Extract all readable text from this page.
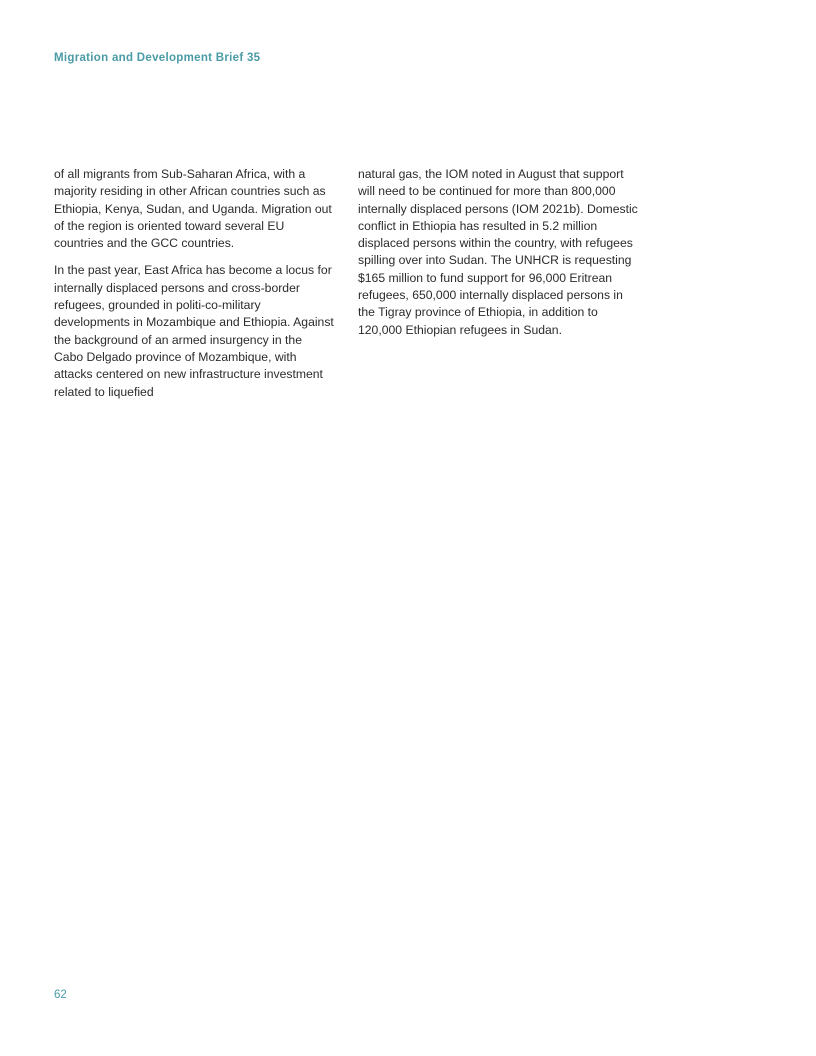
Migration and Development Brief 35

of all migrants from Sub-Saharan Africa, with a majority residing in other African countries such as Ethiopia, Kenya, Sudan, and Uganda. Migration out of the region is oriented toward several EU countries and the GCC countries.

In the past year, East Africa has become a locus for internally displaced persons and cross-border refugees, grounded in politi-co-military developments in Mozambique and Ethiopia. Against the background of an armed insurgency in the Cabo Delgado province of Mozambique, with attacks centered on new infrastructure investment related to liquefied

natural gas, the IOM noted in August that support will need to be continued for more than 800,000 internally displaced persons (IOM 2021b). Domestic conflict in Ethiopia has resulted in 5.2 million displaced persons within the country, with refugees spilling over into Sudan. The UNHCR is requesting $165 million to fund support for 96,000 Eritrean refugees, 650,000 internally displaced persons in the Tigray province of Ethiopia, in addition to 120,000 Ethiopian refugees in Sudan.

62
